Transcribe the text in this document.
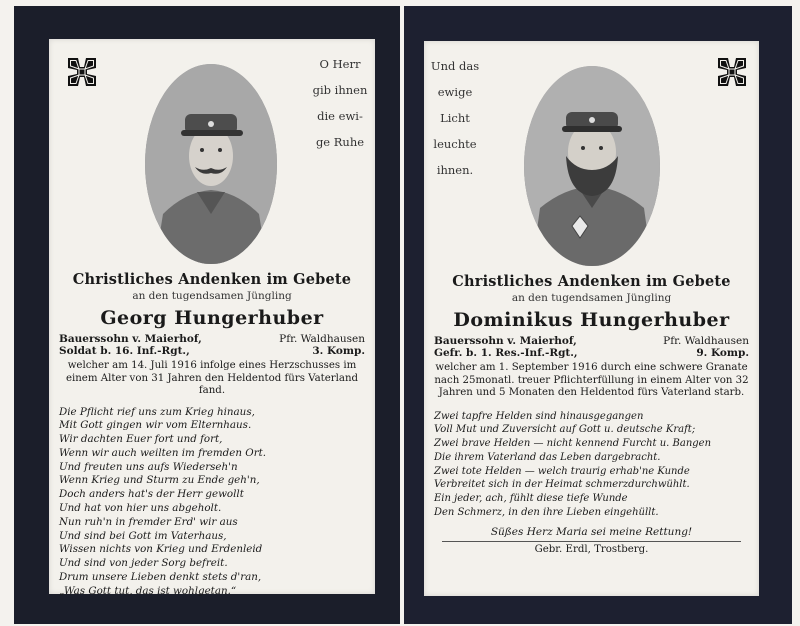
O Herr
gib ihnen
die ewi-
ge Ruhe
Christliches Andenken im Gebete
an den tugendsamen Jüngling
Georg Hungerhuber
Bauerssohn v. Maierhof,	Pfr. Waldhausen
Soldat b. 16. Inf.-Rgt.,	3. Komp.
welcher am 14. Juli 1916 infolge eines Herzschusses im einem Alter von 31 Jahren den Heldentod fürs Vaterland fand.
Die Pflicht rief uns zum Krieg hinaus,
Mit Gott gingen wir vom Elternhaus.
Wir dachten Euer fort und fort,
Wenn wir auch weilten im fremden Ort.
Und freuten uns aufs Wiederseh'n
Wenn Krieg und Sturm zu Ende geh'n,
Doch anders hat's der Herr gewollt
Und hat von hier uns abgeholt.
Nun ruh'n in fremder Erd' wir aus
Und sind bei Gott im Vaterhaus,
Wissen nichts von Krieg und Erdenleid
Und sind von jeder Sorg befreit.
Drum unsere Lieben denkt stets d'ran,
„Was Gott tut, das ist wohlgetan.“
Und das
ewige
Licht
leuchte
ihnen.
Christliches Andenken im Gebete
an den tugendsamen Jüngling
Dominikus Hungerhuber
Bauerssohn v. Maierhof,	Pfr. Waldhausen
Gefr. b. 1. Res.-Inf.-Rgt.,	9. Komp.
welcher am 1. September 1916 durch eine schwere Granate nach 25monatl. treuer Pflichterfüllung in einem Alter von 32 Jahren und 5 Monaten den Heldentod fürs Vaterland starb.
Zwei tapfre Helden sind hinausgegangen
Voll Mut und Zuversicht auf Gott u. deutsche Kraft;
Zwei brave Helden — nicht kennend Furcht u. Bangen
Die ihrem Vaterland das Leben dargebracht.
Zwei tote Helden — welch traurig erhab'ne Kunde
Verbreitet sich in der Heimat schmerzdurchwühlt.
Ein jeder, ach, fühlt diese tiefe Wunde
Den Schmerz, in den ihre Lieben eingehüllt.
Süßes Herz Maria sei meine Rettung!
Gebr. Erdl, Trostberg.
